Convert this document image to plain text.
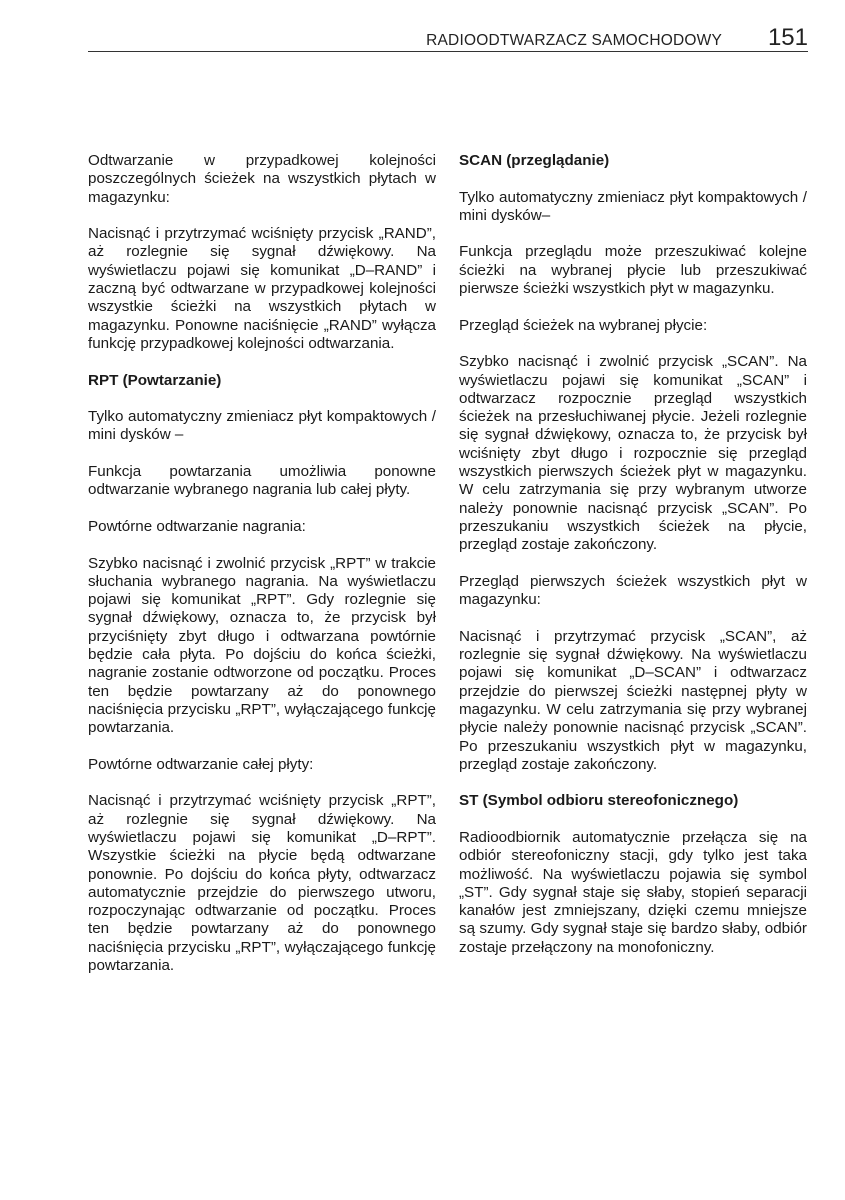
RADIOODTWARZACZ SAMOCHODOWY 151

Odtwarzanie w przypadkowej kolejności poszczególnych ścieżek na wszystkich płytach w magazynku:

Nacisnąć i przytrzymać wciśnięty przycisk „RAND”, aż rozlegnie się sygnał dźwiękowy. Na wyświetlaczu pojawi się komunikat „D–RAND” i zaczną być odtwarzane w przypadkowej kolejności wszystkie ścieżki na wszystkich płytach w magazynku. Ponowne naciśnięcie „RAND” wyłącza funkcję przypadkowej kolejności odtwarzania.

RPT (Powtarzanie)

Tylko automatyczny zmieniacz płyt kompaktowych / mini dysków –

Funkcja powtarzania umożliwia ponowne odtwarzanie wybranego nagrania lub całej płyty.

Powtórne odtwarzanie nagrania:

Szybko nacisnąć i zwolnić przycisk „RPT” w trakcie słuchania wybranego nagrania. Na wyświetlaczu pojawi się komunikat „RPT”. Gdy rozlegnie się sygnał dźwiękowy, oznacza to, że przycisk był przyciśnięty zbyt długo i odtwarzana powtórnie będzie cała płyta. Po dojściu do końca ścieżki, nagranie zostanie odtworzone od początku. Proces ten będzie powtarzany aż do ponownego naciśnięcia przycisku „RPT”, wyłączającego funkcję powtarzania.

Powtórne odtwarzanie całej płyty:

Nacisnąć i przytrzymać wciśnięty przycisk „RPT”, aż rozlegnie się sygnał dźwiękowy. Na wyświetlaczu pojawi się komunikat „D–RPT”. Wszystkie ścieżki na płycie będą odtwarzane ponownie. Po dojściu do końca płyty, odtwarzacz automatycznie przejdzie do pierwszego utworu, rozpoczynając odtwarzanie od początku. Proces ten będzie powtarzany aż do ponownego naciśnięcia przycisku „RPT”, wyłączającego funkcję powtarzania.

SCAN (przeglądanie)

Tylko automatyczny zmieniacz płyt kompaktowych / mini dysków–

Funkcja przeglądu może przeszukiwać kolejne ścieżki na wybranej płycie lub przeszukiwać pierwsze ścieżki wszystkich płyt w magazynku.

Przegląd ścieżek na wybranej płycie:

Szybko nacisnąć i zwolnić przycisk „SCAN”. Na wyświetlaczu pojawi się komunikat „SCAN” i odtwarzacz rozpocznie przegląd wszystkich ścieżek na przesłuchiwanej płycie. Jeżeli rozlegnie się sygnał dźwiękowy, oznacza to, że przycisk był wciśnięty zbyt długo i rozpocznie się przegląd wszystkich pierwszych ścieżek płyt w magazynku. W celu zatrzymania się przy wybranym utworze należy ponownie nacisnąć przycisk „SCAN”. Po przeszukaniu wszystkich ścieżek na płycie, przegląd zostaje zakończony.

Przegląd pierwszych ścieżek wszystkich płyt w magazynku:

Nacisnąć i przytrzymać przycisk „SCAN”, aż rozlegnie się sygnał dźwiękowy. Na wyświetlaczu pojawi się komunikat „D–SCAN” i odtwarzacz przejdzie do pierwszej ścieżki następnej płyty w magazynku. W celu zatrzymania się przy wybranej płycie należy ponownie nacisnąć przycisk „SCAN”. Po przeszukaniu wszystkich płyt w magazynku, przegląd zostaje zakończony.

ST (Symbol odbioru stereofonicznego)

Radioodbiornik automatycznie przełącza się na odbiór stereofoniczny stacji, gdy tylko jest taka możliwość. Na wyświetlaczu pojawia się symbol „ST”. Gdy sygnał staje się słaby, stopień separacji kanałów jest zmniejszany, dzięki czemu mniejsze są szumy. Gdy sygnał staje się bardzo słaby, odbiór zostaje przełączony na monofoniczny.
